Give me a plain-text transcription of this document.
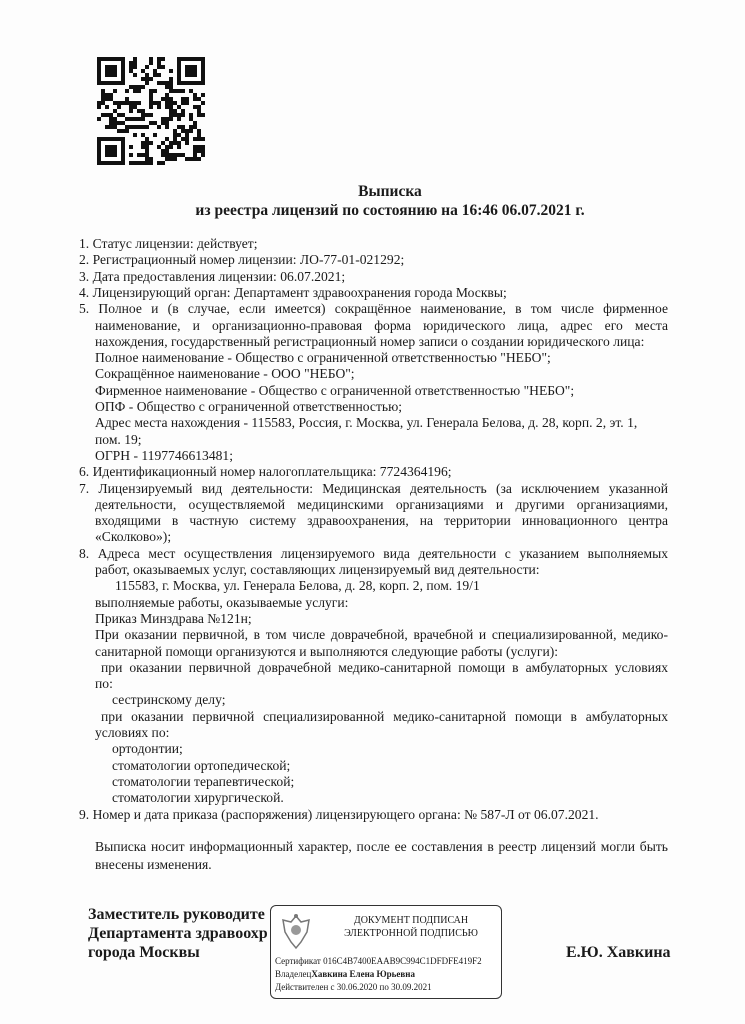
Выписка
из реестра лицензий по состоянию на 16:46 06.07.2021 г.
1. Статус лицензии: действует;
2. Регистрационный номер лицензии: ЛО-77-01-021292;
3. Дата предоставления лицензии: 06.07.2021;
4. Лицензирующий орган: Департамент здравоохранения города Москвы;
5. Полное и (в случае, если имеется) сокращённое наименование, в том числе фирменное
наименование, и организационно-правовая форма юридического лица, адрес его места
нахождения, государственный регистрационный номер записи о создании юридического лица:
Полное наименование - Общество с ограниченной ответственностью "НЕБО";
Сокращённое наименование - ООО "НЕБО";
Фирменное наименование - Общество с ограниченной ответственностью "НЕБО";
ОПФ - Общество с ограниченной ответственностью;
Адрес места нахождения - 115583, Россия, г. Москва, ул. Генерала Белова, д. 28, корп. 2, эт. 1,
пом. 19;
ОГРН - 1197746613481;
6. Идентификационный номер налогоплательщика: 7724364196;
7. Лицензируемый вид деятельности: Медицинская деятельность (за исключением указанной
деятельности, осуществляемой медицинскими организациями и другими организациями,
входящими в частную систему здравоохранения, на территории инновационного центра
«Сколково»);
8. Адреса мест осуществления лицензируемого вида деятельности с указанием выполняемых
работ, оказываемых услуг, составляющих лицензируемый вид деятельности:
115583, г. Москва, ул. Генерала Белова, д. 28, корп. 2, пом. 19/1
выполняемые работы, оказываемые услуги:
Приказ Минздрава №121н;
При оказании первичной, в том числе доврачебной, врачебной и специализированной, медико-
санитарной помощи организуются и выполняются следующие работы (услуги):
при оказании первичной доврачебной медико-санитарной помощи в амбулаторных условиях
по:
сестринскому делу;
при оказании первичной специализированной медико-санитарной помощи в амбулаторных
условиях по:
ортодонтии;
стоматологии ортопедической;
стоматологии терапевтической;
стоматологии хирургической.
9. Номер и дата приказа (распоряжения) лицензирующего органа: № 587-Л от 06.07.2021.
Выписка носит информационный характер, после ее составления в реестр лицензий могли быть
внесены изменения.
Заместитель руководите
Департамента здравоохр
города Москвы	Е.Ю. Хавкина
ДОКУМЕНТ ПОДПИСАН
ЭЛЕКТРОННОЙ ПОДПИСЬЮ
Сертификат 016C4B7400EAAB9C994C1DFDFE419F2
ВладелецХавкина Елена Юрьевна
Действителен с 30.06.2020 по 30.09.2021
